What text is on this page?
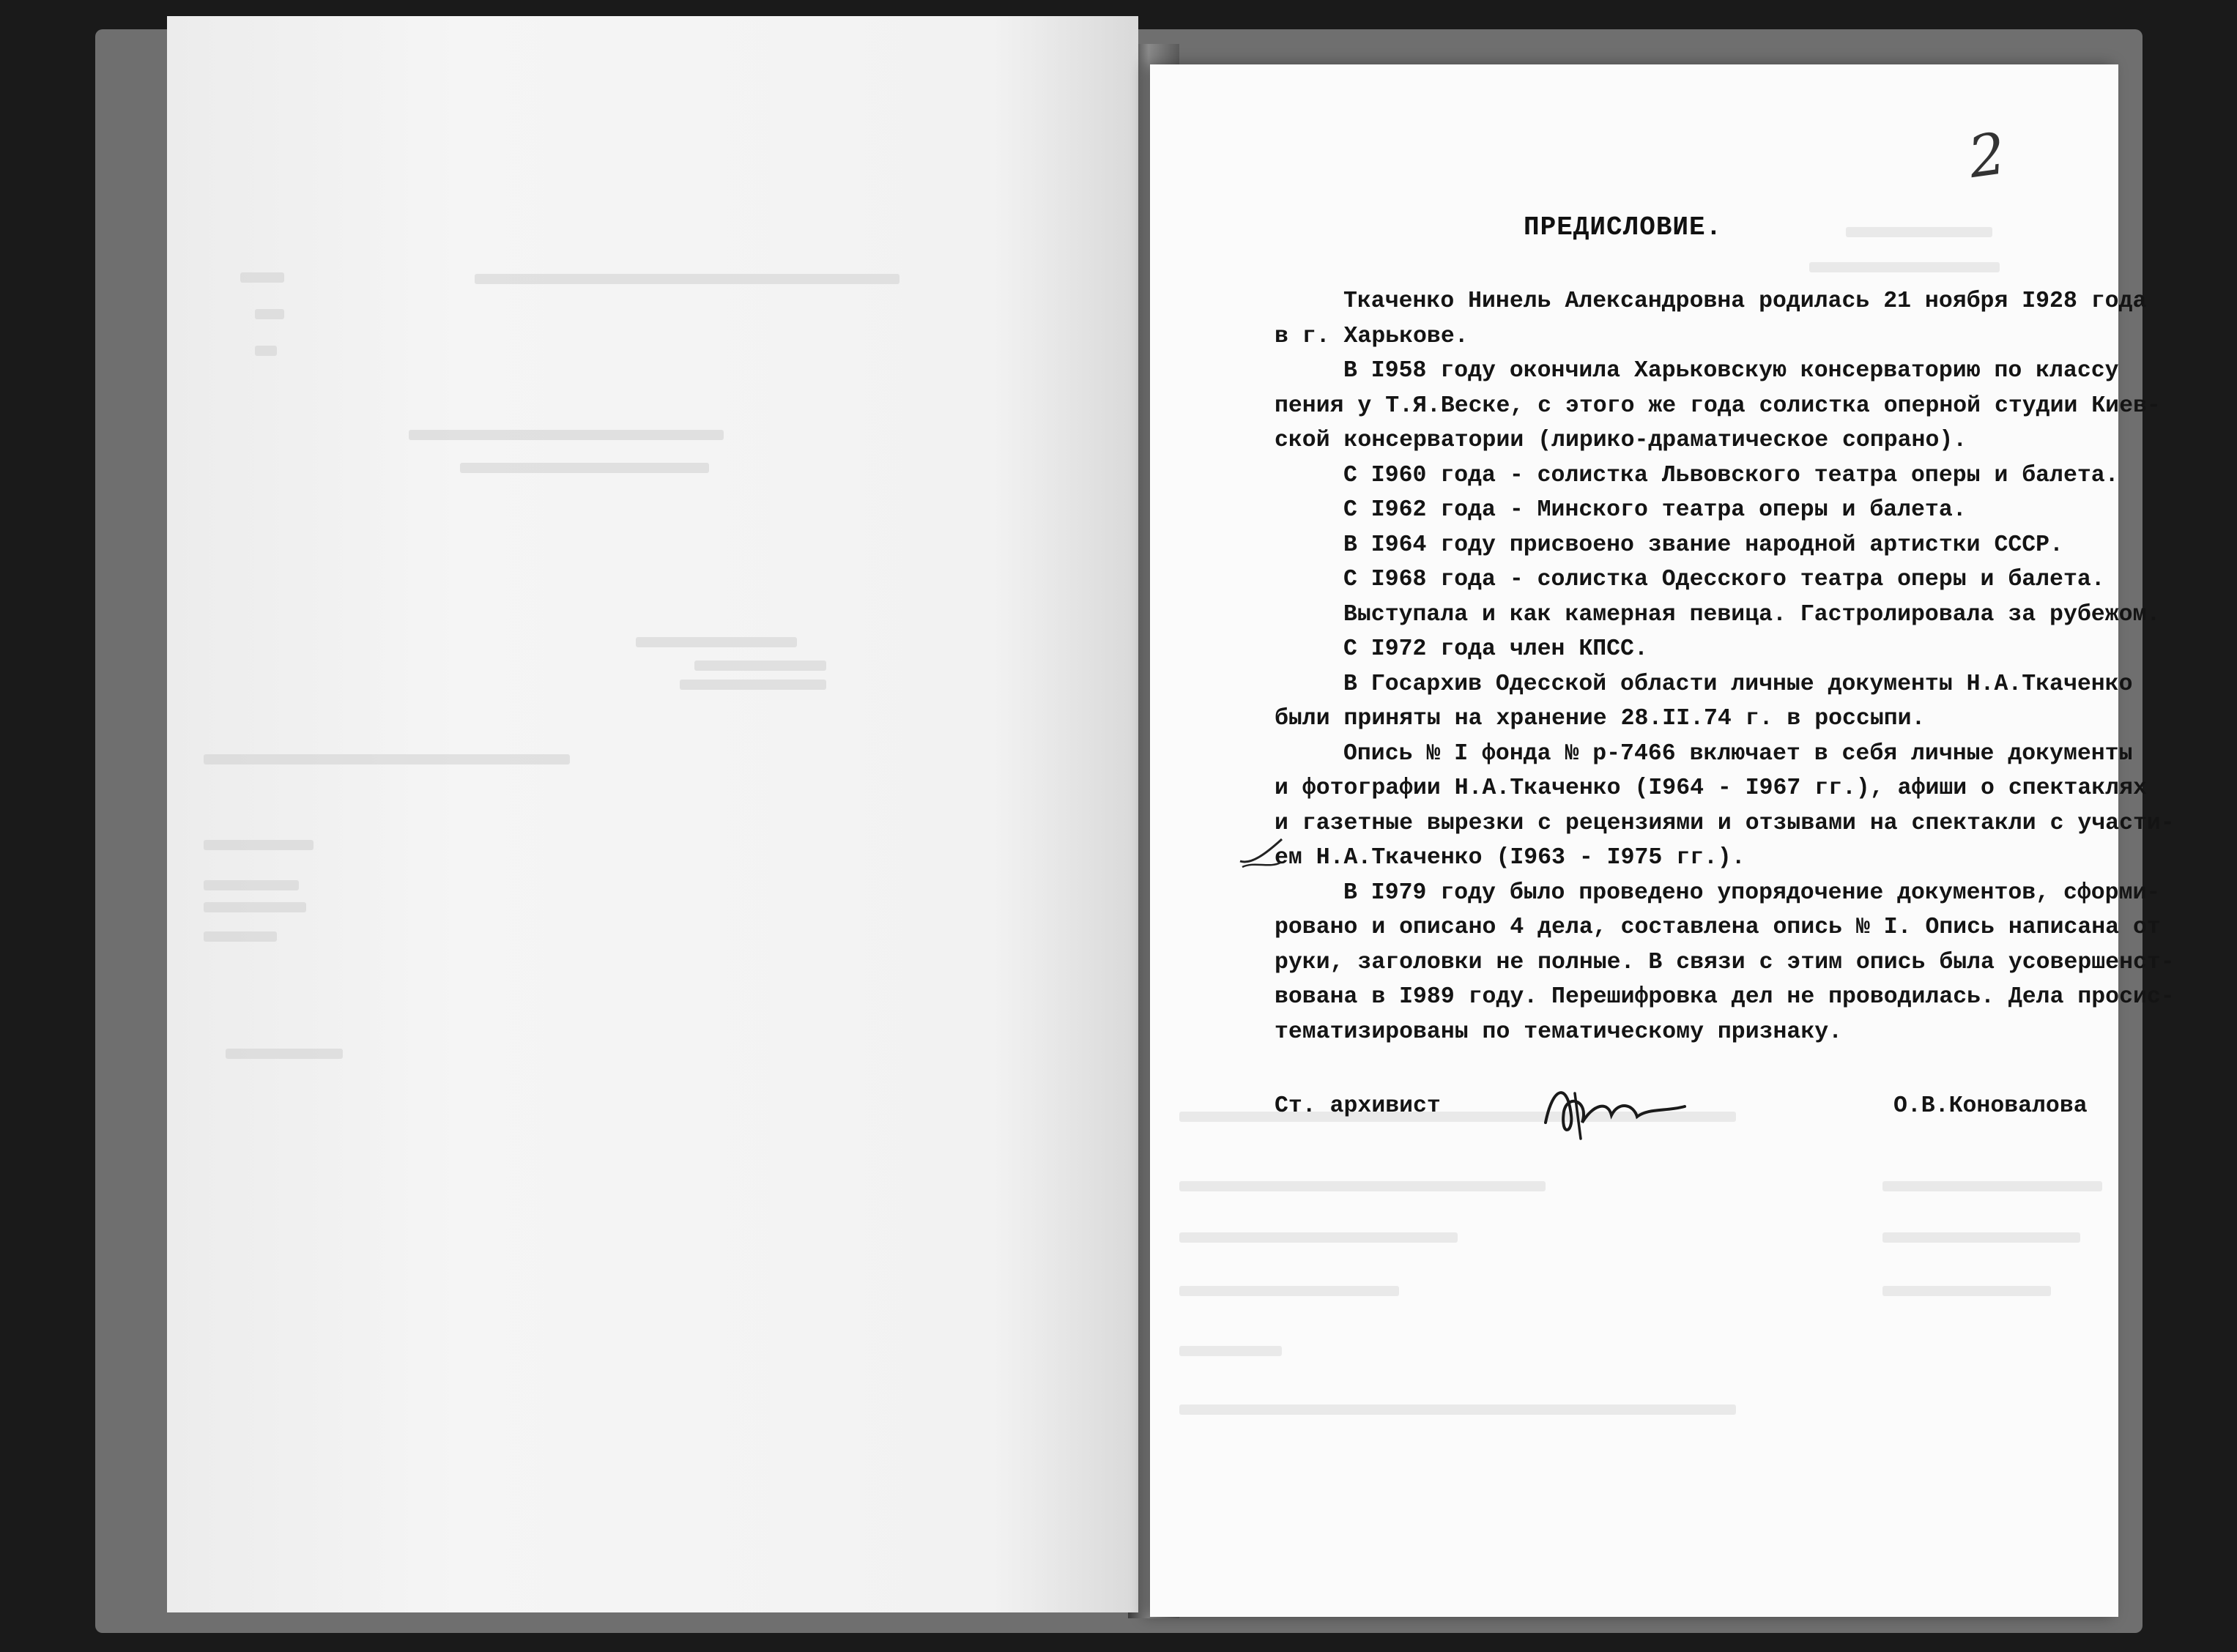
2
ПРЕДИСЛОВИЕ.
Ткаченко Нинель Александровна родилась 21 ноября I928 года
в г. Харькове.
В I958 году окончила Харьковскую консерваторию по классу
пения у Т.Я.Веске, с этого же года солистка оперной студии Киев-
ской консерватории (лирико-драматическое сопрано).
С I960 года - солистка Львовского театра оперы и балета.
С I962 года - Минского театра оперы и балета.
В I964 году присвоено звание народной артистки СССР.
С I968 года - солистка Одесского театра оперы и балета.
Выступала и как камерная певица. Гастролировала за рубежом.
С I972 года член КПСС.
В Госархив Одесской области личные документы Н.А.Ткаченко
были приняты на хранение 28.II.74 г. в россыпи.
Опись № I фонда № р-7466 включает в себя личные документы
и фотографии Н.А.Ткаченко (I964 - I967 гг.), афиши о спектаклях
и газетные вырезки с рецензиями и отзывами на спектакли с участи-
ем Н.А.Ткаченко (I963 - I975 гг.).
В I979 году было проведено упорядочение документов, сформи-
ровано и описано 4 дела, составлена опись № I. Опись написана от
руки, заголовки не полные. В связи с этим опись была усовершенст-
вована в I989 году. Перешифровка дел не проводилась. Дела просис-
тематизированы по тематическому признаку.
Ст. архивист	О.В.Коновалова
